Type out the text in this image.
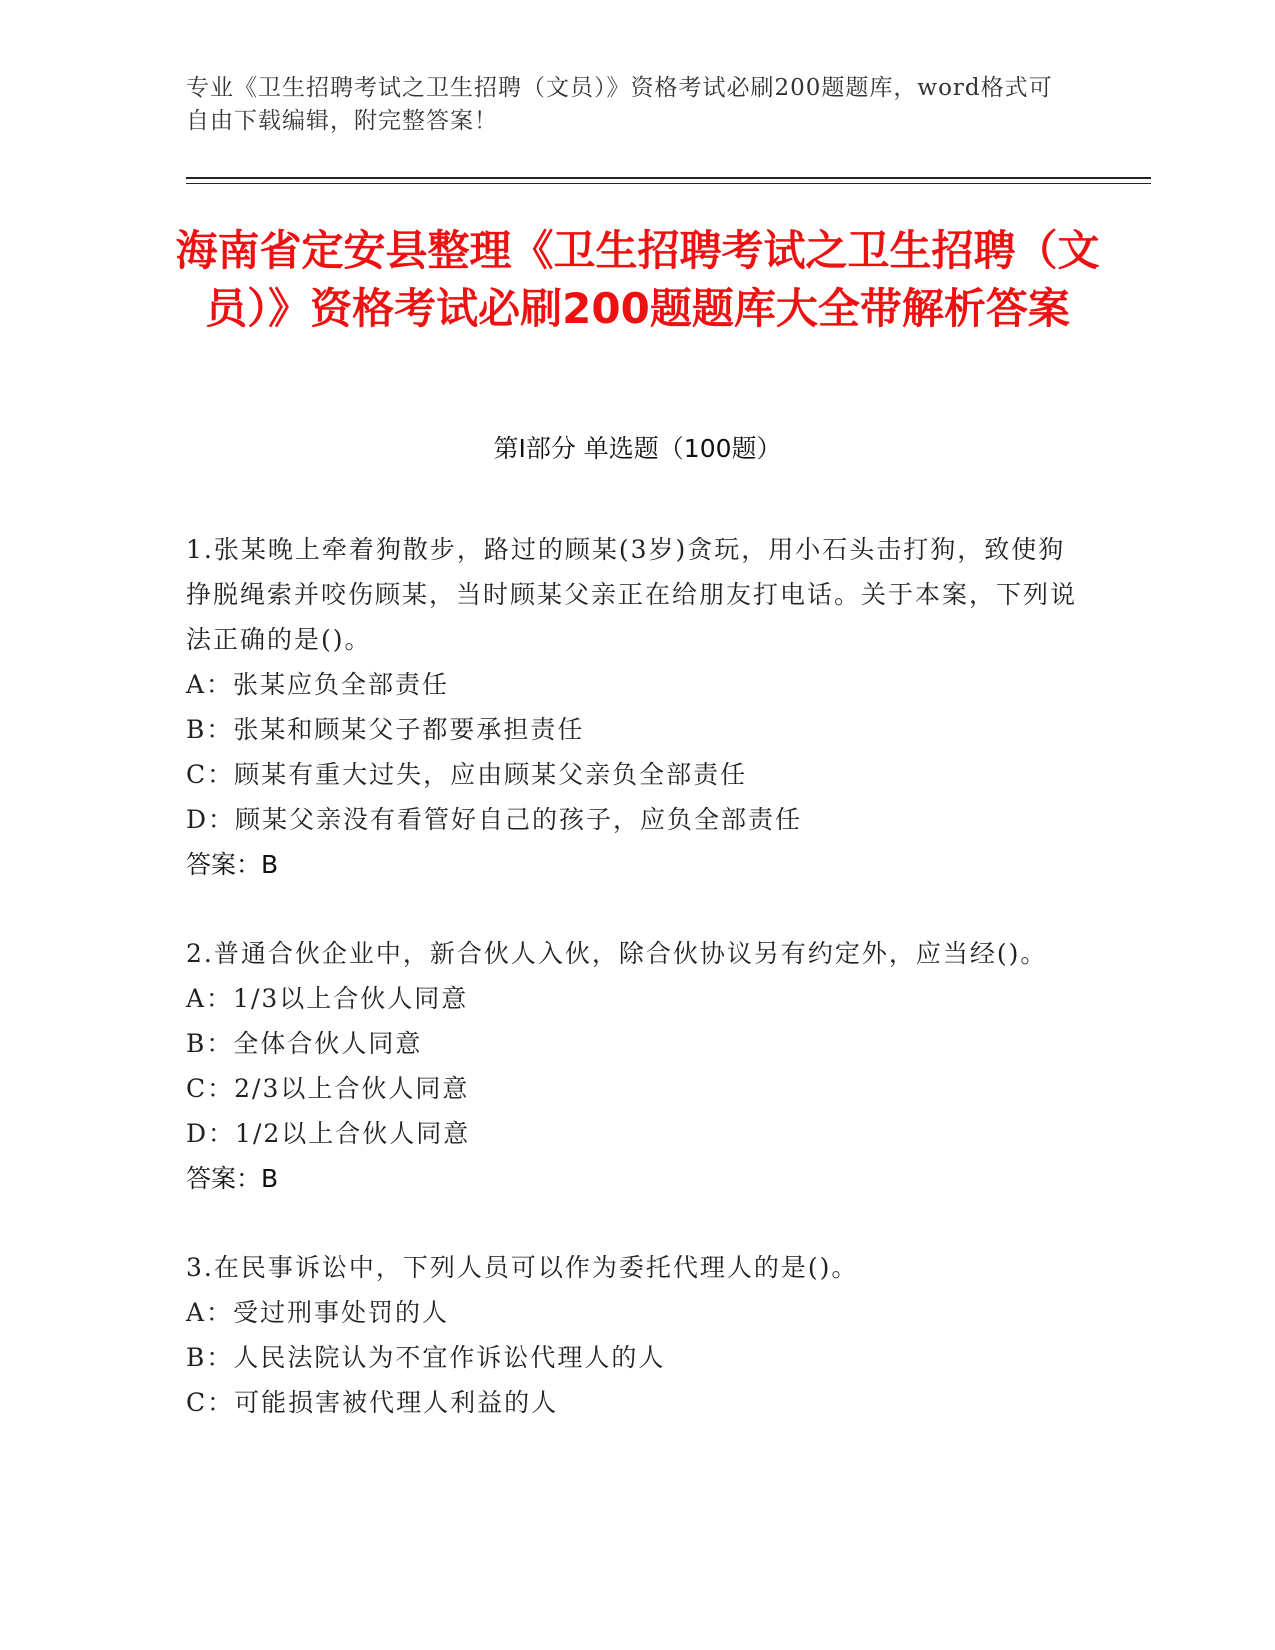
专业《卫生招聘考试之卫生招聘（文员）》资格考试必刷200题题库，word格式可自由下载编辑，附完整答案！
海南省定安县整理《卫生招聘考试之卫生招聘（文员）》资格考试必刷200题题库大全带解析答案
第Ⅰ部分 单选题（100题）
1.张某晚上牵着狗散步，路过的顾某(3岁)贪玩，用小石头击打狗，致使狗挣脱绳索并咬伤顾某，当时顾某父亲正在给朋友打电话。关于本案，下列说法正确的是()。
A：张某应负全部责任
B：张某和顾某父子都要承担责任
C：顾某有重大过失，应由顾某父亲负全部责任
D：顾某父亲没有看管好自己的孩子，应负全部责任
答案：B
2.普通合伙企业中，新合伙人入伙，除合伙协议另有约定外，应当经()。
A：1/3以上合伙人同意
B：全体合伙人同意
C：2/3以上合伙人同意
D：1/2以上合伙人同意
答案：B
3.在民事诉讼中，下列人员可以作为委托代理人的是()。
A：受过刑事处罚的人
B：人民法院认为不宜作诉讼代理人的人
C：可能损害被代理人利益的人
